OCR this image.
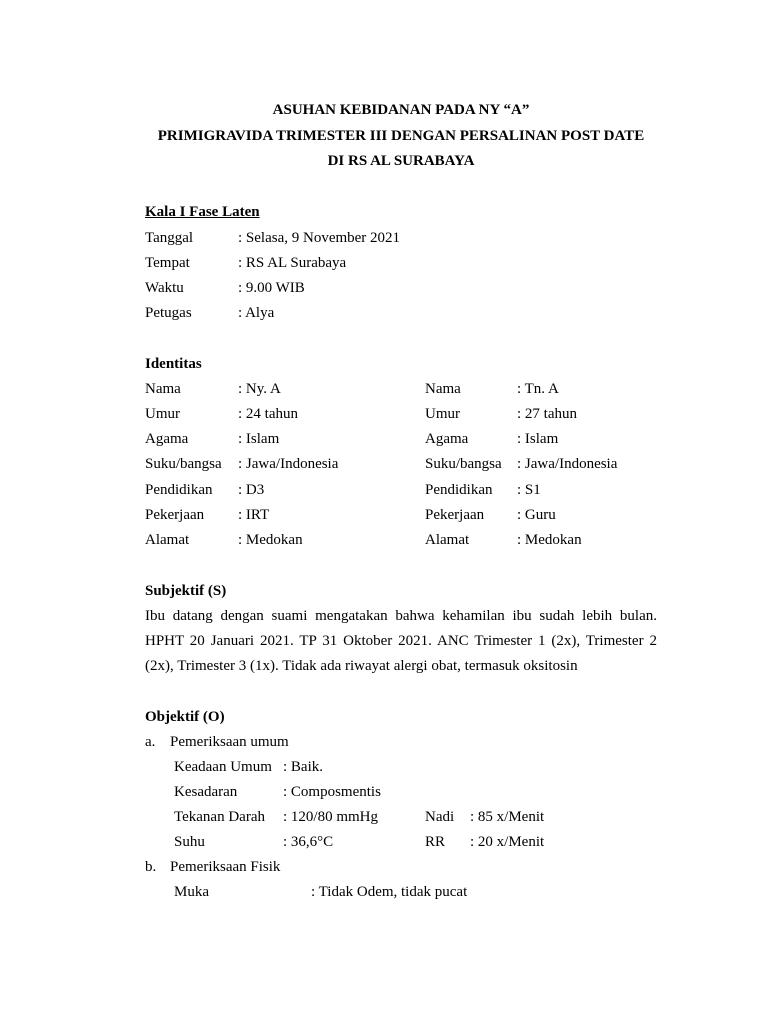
ASUHAN KEBIDANAN PADA NY “A”
PRIMIGRAVIDA TRIMESTER III DENGAN PERSALINAN POST DATE
DI RS AL SURABAYA
Kala I Fase Laten
Tanggal	: Selasa, 9 November 2021
Tempat	: RS AL Surabaya
Waktu	: 9.00 WIB
Petugas	: Alya
Identitas
Nama	: Ny. A	Nama	: Tn. A
Umur	: 24 tahun	Umur	: 27 tahun
Agama	: Islam	Agama	: Islam
Suku/bangsa : Jawa/Indonesia	Suku/bangsa : Jawa/Indonesia
Pendidikan : D3	Pendidikan : S1
Pekerjaan : IRT	Pekerjaan : Guru
Alamat	: Medokan	Alamat	: Medokan
Subjektif (S)
Ibu datang dengan suami mengatakan bahwa kehamilan ibu sudah lebih bulan.
HPHT 20 Januari 2021. TP 31 Oktober 2021. ANC Trimester 1 (2x), Trimester 2
(2x), Trimester 3 (1x). Tidak ada riwayat alergi obat, termasuk oksitosin
Objektif (O)
a. Pemeriksaan umum
Keadaan Umum : Baik.
Kesadaran	: Composmentis
Tekanan Darah : 120/80 mmHg	Nadi : 85 x/Menit
Suhu	: 36,6°C	RR : 20 x/Menit
b. Pemeriksaan Fisik
Muka	: Tidak Odem, tidak pucat
